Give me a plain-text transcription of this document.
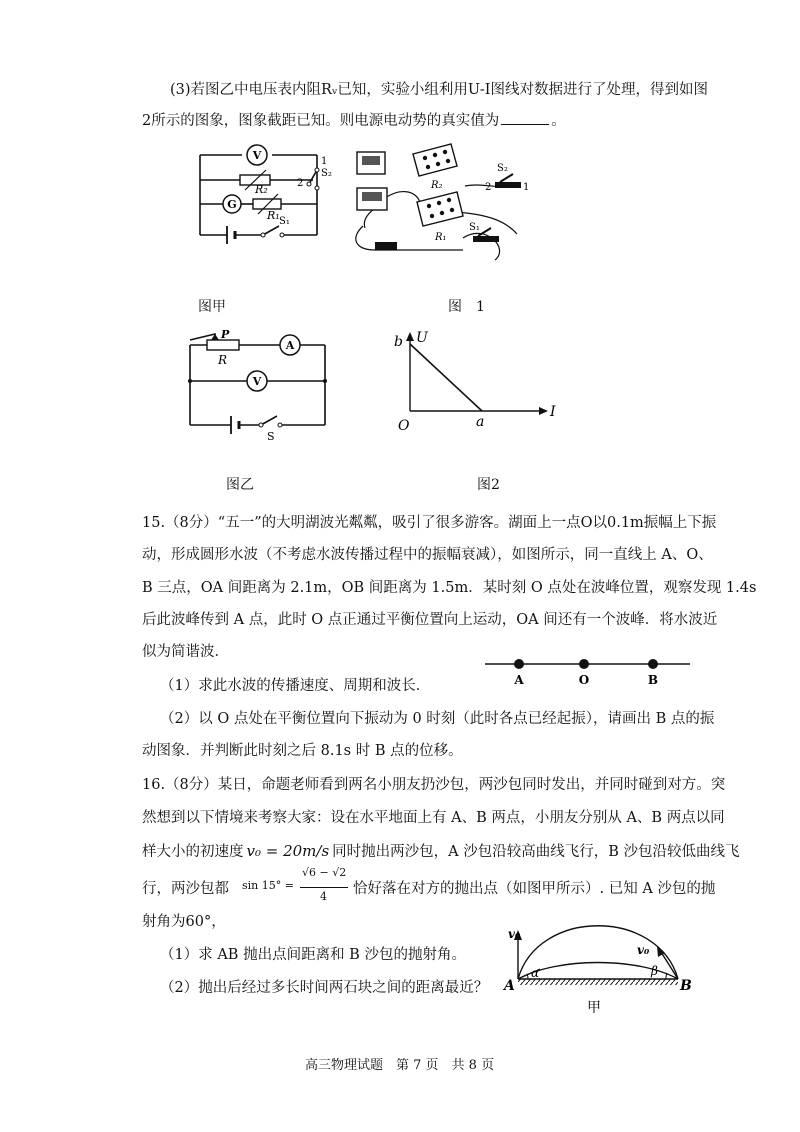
(3)若图乙中电压表内阻Rᵥ已知，实验小组利用U-I图线对数据进行了处理，得到如图
2所示的图象，图象截距已知。则电源电动势的真实值为	。
V
G
R₂
R₁
S₂
S₁
1
2
图甲
R₂
R₁
S₂
S₁
2	1
图　1
P
R
A
V
S
图乙
b U
O	a
I
图2
15.（8分）“五一”的大明湖波光粼粼，吸引了很多游客。湖面上一点O以0.1m振幅上下振
动，形成圆形水波（不考虑水波传播过程中的振幅衰减），如图所示，同一直线上 A、O、
B 三点，OA 间距离为 2.1m，OB 间距离为 1.5m．某时刻 O 点处在波峰位置，观察发现 1.4s
后此波峰传到 A 点，此时 O 点正通过平衡位置向上运动，OA 间还有一个波峰．将水波近
似为简谐波．
（1）求此水波的传播速度、周期和波长．
（2）以 O 点处在平衡位置向下振动为 0 时刻（此时各点已经起振），请画出 B 点的振
动图象．并判断此时刻之后 8.1s 时 B 点的位移。
A	O	B
16.（8分）某日，命题老师看到两名小朋友扔沙包，两沙包同时发出，并同时碰到对方。突
然想到以下情境来考察大家：设在水平地面上有 A、B 两点，小朋友分别从 A、B 两点以同
样大小的初速度 v₀ = 20m/s 同时抛出两沙包，A 沙包沿较高曲线飞行，B 沙包沿较低曲线飞
行，两沙包都 sin 15° =
√6 − √2
4 恰好落在对方的抛出点（如图甲所示）. 已知 A 沙包的抛
射角为60°，
（1）求 AB 抛出点间距离和 B 沙包的抛射角。
（2）抛出后经过多长时间两石块之间的距离最近？
v₀
v₀
α	β
A	B
甲
高三物理试题　第 7 页　共 8 页
